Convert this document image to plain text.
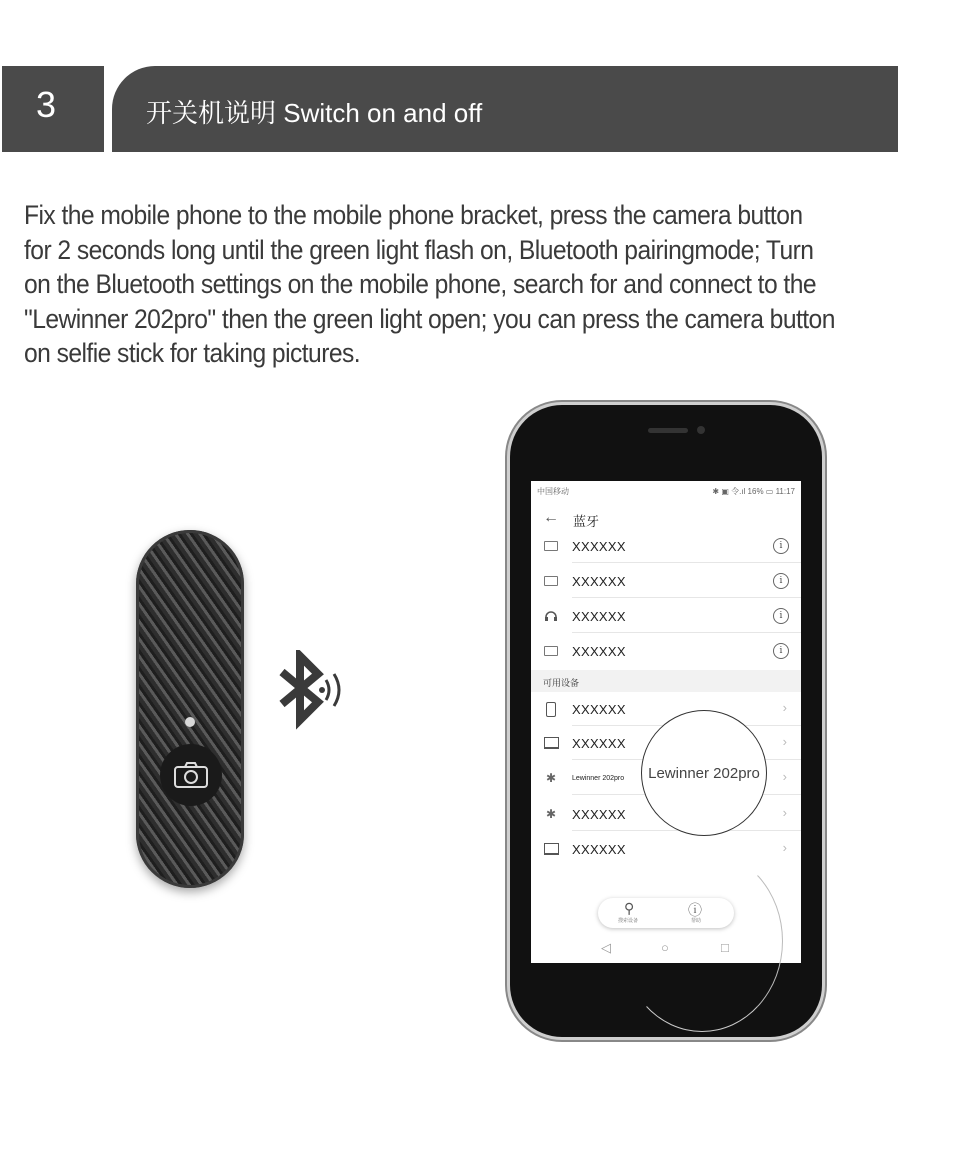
3	开关机说明 Switch on and off
Fix the mobile phone to the mobile phone bracket, press the camera button
for 2 seconds long until the green light flash on, Bluetooth pairingmode; Turn
on the Bluetooth settings on the mobile phone, search for and connect to the
"Lewinner 202pro" then the green light open; you can press the camera button
on selfie stick for taking pictures.
中国移动	✱ ▣ 令.ıl 16% ▭ 11:17
← 蓝牙
XXXXXX	i
XXXXXX	i
XXXXXX	i
XXXXXX	i
可用设备
XXXXXX	›
XXXXXX	›
✱	Lewinner 202pro	›
✱ XXXXXX	›
XXXXXX	›
Lewinner 202pro
⚲	ⓘ
搜索设备	帮助
◁	○	□
